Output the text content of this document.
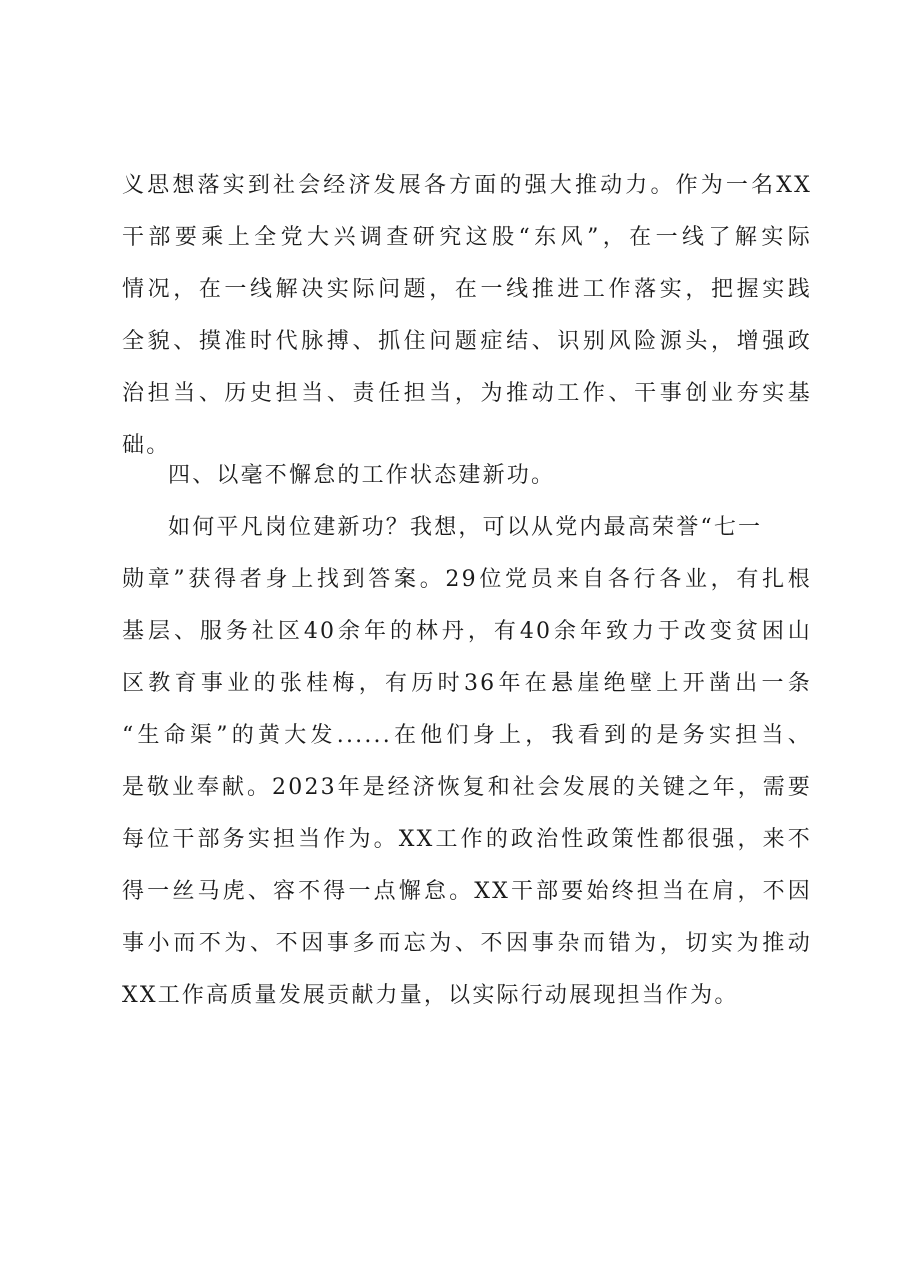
义思想落实到社会经济发展各方面的强大推动力。作为一名XX
干部要乘上全党大兴调查研究这股“东风”，在一线了解实际
情况，在一线解决实际问题，在一线推进工作落实，把握实践
全貌、摸准时代脉搏、抓住问题症结、识别风险源头，增强政
治担当、历史担当、责任担当，为推动工作、干事创业夯实基
础。
四、以毫不懈怠的工作状态建新功。
如何平凡岗位建新功？我想，可以从党内最高荣誉“七一
勋章”获得者身上找到答案。29位党员来自各行各业，有扎根
基层、服务社区40余年的林丹，有40余年致力于改变贫困山
区教育事业的张桂梅，有历时36年在悬崖绝壁上开凿出一条
“生命渠”的黄大发......在他们身上，我看到的是务实担当、
是敬业奉献。2023年是经济恢复和社会发展的关键之年，需要
每位干部务实担当作为。XX工作的政治性政策性都很强，来不
得一丝马虎、容不得一点懈怠。XX干部要始终担当在肩，不因
事小而不为、不因事多而忘为、不因事杂而错为，切实为推动
XX工作高质量发展贡献力量，以实际行动展现担当作为。
